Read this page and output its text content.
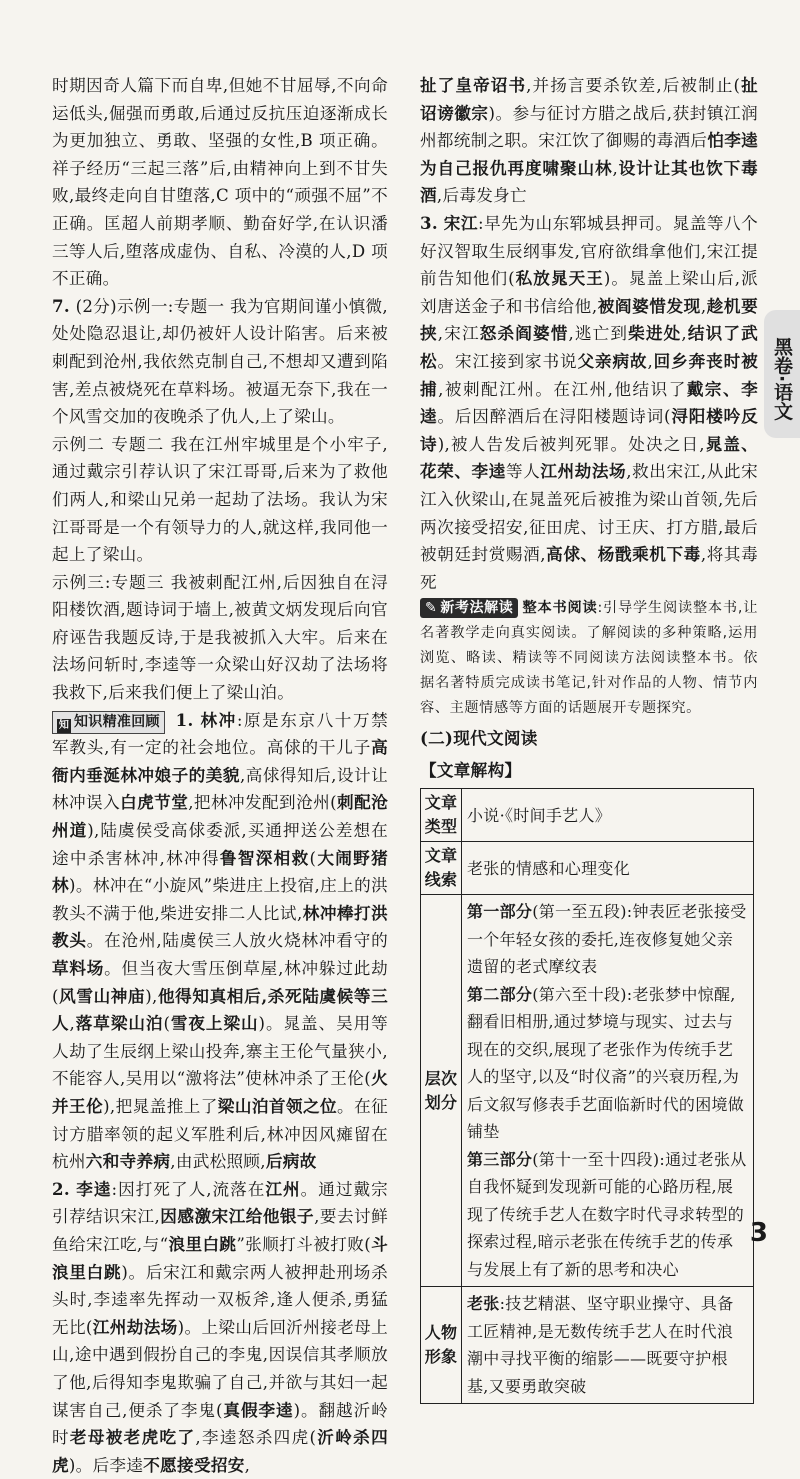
时期因奇人篇下而自卑,但她不甘屈辱,不向命运低头,倔强而勇敢,后通过反抗压迫逐渐成长为更加独立、勇敢、坚强的女性,B 项正确。祥子经历“三起三落”后,由精神向上到不甘失败,最终走向自甘堕落,C 项中的“顽强不屈”不正确。匡超人前期孝顺、勤奋好学,在认识潘三等人后,堕落成虚伪、自私、冷漠的人,D 项不正确。

7. (2分)示例一:专题一 我为官期间谨小慎微,处处隐忍退让,却仍被奸人设计陷害。后来被刺配到沧州,我依然克制自己,不想却又遭到陷害,差点被烧死在草料场。被逼无奈下,我在一个风雪交加的夜晚杀了仇人,上了梁山。

示例二 专题二 我在江州牢城里是个小牢子,通过戴宗引荐认识了宋江哥哥,后来为了救他们两人,和梁山兄弟一起劫了法场。我认为宋江哥哥是一个有领导力的人,就这样,我同他一起上了梁山。

示例三:专题三 我被刺配江州,后因独自在浔阳楼饮酒,题诗词于墙上,被黄文炳发现后向官府诬告我题反诗,于是我被抓入大牢。后来在法场问斩时,李逵等一众梁山好汉劫了法场将我救下,后来我们便上了梁山泊。

知 知识精准回顾 1. 林冲:原是东京八十万禁军教头,有一定的社会地位。高俅的干儿子高衙内垂涎林冲娘子的美貌,高俅得知后,设计让林冲误入白虎节堂,把林冲发配到沧州(刺配沧州道),陆虞侯受高俅委派,买通押送公差想在途中杀害林冲,林冲得鲁智深相救(大闹野猪林)。林冲在“小旋风”柴进庄上投宿,庄上的洪教头不满于他,柴进安排二人比试,林冲棒打洪教头。在沧州,陆虞侯三人放火烧林冲看守的草料场。但当夜大雪压倒草屋,林冲躲过此劫(风雪山神庙),他得知真相后,杀死陆虞候等三人,落草梁山泊(雪夜上梁山)。晁盖、吴用等人劫了生辰纲上梁山投奔,寨主王伦气量狭小,不能容人,吴用以“激将法”使林冲杀了王伦(火并王伦),把晁盖推上了梁山泊首领之位。在征讨方腊率领的起义军胜利后,林冲因风瘫留在杭州六和寺养病,由武松照顾,后病故

2. 李逵:因打死了人,流落在江州。通过戴宗引荐结识宋江,因感激宋江给他银子,要去讨鲜鱼给宋江吃,与“浪里白跳”张顺打斗被打败(斗浪里白跳)。后宋江和戴宗两人被押赴刑场杀头时,李逵率先挥动一双板斧,逢人便杀,勇猛无比(江州劫法场)。上梁山后回沂州接老母上山,途中遇到假扮自己的李鬼,因误信其孝顺放了他,后得知李鬼欺骗了自己,并欲与其妇一起谋害自己,便杀了李鬼(真假李逵)。翻越沂岭时老母被老虎吃了,李逵怒杀四虎(沂岭杀四虎)。后李逵不愿接受招安,

扯了皇帝诏书,并扬言要杀钦差,后被制止(扯诏谤徽宗)。参与征讨方腊之战后,获封镇江润州都统制之职。宋江饮了御赐的毒酒后怕李逵为自己报仇再度啸聚山林,设计让其也饮下毒酒,后毒发身亡

3. 宋江:早先为山东郓城县押司。晁盖等八个好汉智取生辰纲事发,官府欲缉拿他们,宋江提前告知他们(私放晁天王)。晁盖上梁山后,派刘唐送金子和书信给他,被阎婆惜发现,趁机要挟,宋江怒杀阎婆惜,逃亡到柴进处,结识了武松。宋江接到家书说父亲病故,回乡奔丧时被捕,被刺配江州。在江州,他结识了戴宗、李逵。后因醉酒后在浔阳楼题诗词(浔阳楼吟反诗),被人告发后被判死罪。处决之日,晁盖、花荣、李逵等人江州劫法场,救出宋江,从此宋江入伙梁山,在晁盖死后被推为梁山首领,先后两次接受招安,征田虎、讨王庆、打方腊,最后被朝廷封赏赐酒,高俅、杨戬乘机下毒,将其毒死

✎ 新考法解读 整本书阅读:引导学生阅读整本书,让名著教学走向真实阅读。了解阅读的多种策略,运用浏览、略读、精读等不同阅读方法阅读整本书。依据名著特质完成读书笔记,针对作品的人物、情节内容、主题情感等方面的话题展开专题探究。

(二)现代文阅读

【文章解构】

文章类型	小说·《时间手艺人》
文章线索	老张的情感和心理变化
层次划分	第一部分(第一至五段):钟表匠老张接受一个年轻女孩的委托,连夜修复她父亲遗留的老式摩纹表
第二部分(第六至十段):老张梦中惊醒,翻看旧相册,通过梦境与现实、过去与现在的交织,展现了老张作为传统手艺人的坚守,以及“时仪斋”的兴衰历程,为后文叙写修表手艺面临新时代的困境做铺垫
第三部分(第十一至十四段):通过老张从自我怀疑到发现新可能的心路历程,展现了传统手艺人在数字时代寻求转型的探索过程,暗示老张在传统手艺的传承与发展上有了新的思考和决心

人物形象	老张:技艺精湛、坚守职业操守、具备工匠精神,是无数传统手艺人在时代浪潮中寻找平衡的缩影——既要守护根基,又要勇敢突破
黑卷·语文
3
